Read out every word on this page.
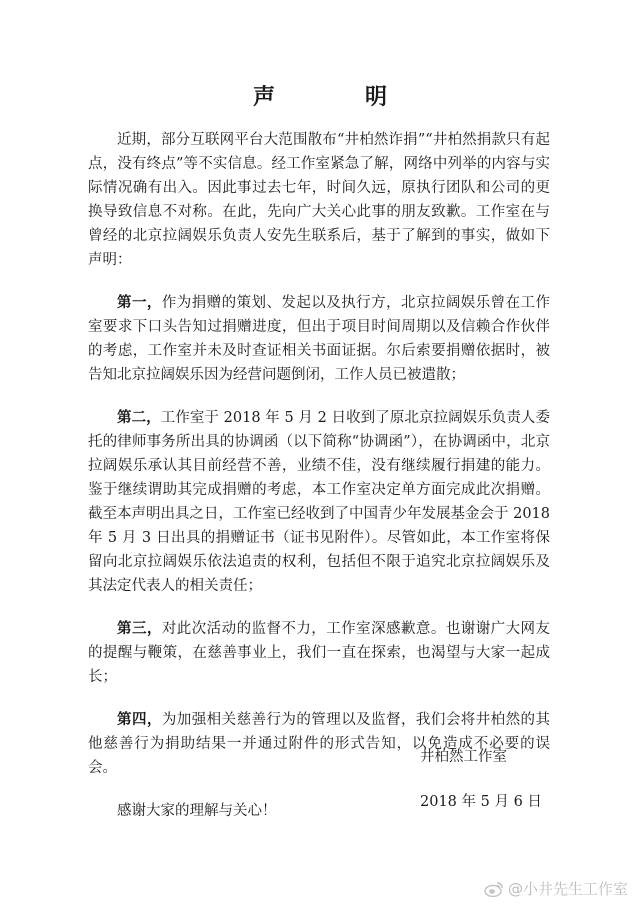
声　明

近期，部分互联网平台大范围散布“井柏然诈捐”“井柏然捐款只有起点，没有终点”等不实信息。经工作室紧急了解，网络中列举的内容与实际情况确有出入。因此事过去七年，时间久远，原执行团队和公司的更换导致信息不对称。在此，先向广大关心此事的朋友致歉。工作室在与曾经的北京拉阔娱乐负责人安先生联系后，基于了解到的事实，做如下声明：

第一，作为捐赠的策划、发起以及执行方，北京拉阔娱乐曾在工作室要求下口头告知过捐赠进度，但出于项目时间周期以及信赖合作伙伴的考虑，工作室并未及时查证相关书面证据。尔后索要捐赠依据时，被告知北京拉阔娱乐因为经营问题倒闭，工作人员已被遣散；

第二，工作室于 2018 年 5 月 2 日收到了原北京拉阔娱乐负责人委托的律师事务所出具的协调函（以下简称“协调函”），在协调函中，北京拉阔娱乐承认其目前经营不善，业绩不佳，没有继续履行捐建的能力。鉴于继续谓助其完成捐赠的考虑，本工作室决定单方面完成此次捐赠。截至本声明出具之日，工作室已经收到了中国青少年发展基金会于 2018 年 5 月 3 日出具的捐赠证书（证书见附件）。尽管如此，本工作室将保留向北京拉阔娱乐依法追责的权利，包括但不限于追究北京拉阔娱乐及其法定代表人的相关责任；

第三，对此次活动的监督不力，工作室深感歉意。也谢谢广大网友的提醒与鞭策，在慈善事业上，我们一直在探索，也渴望与大家一起成长；

第四，为加强相关慈善行为的管理以及监督，我们会将井柏然的其他慈善行为捐助结果一并通过附件的形式告知，以免造成不必要的误会。

感谢大家的理解与关心！

井柏然工作室
2018 年 5 月 6 日
@小井先生工作室
